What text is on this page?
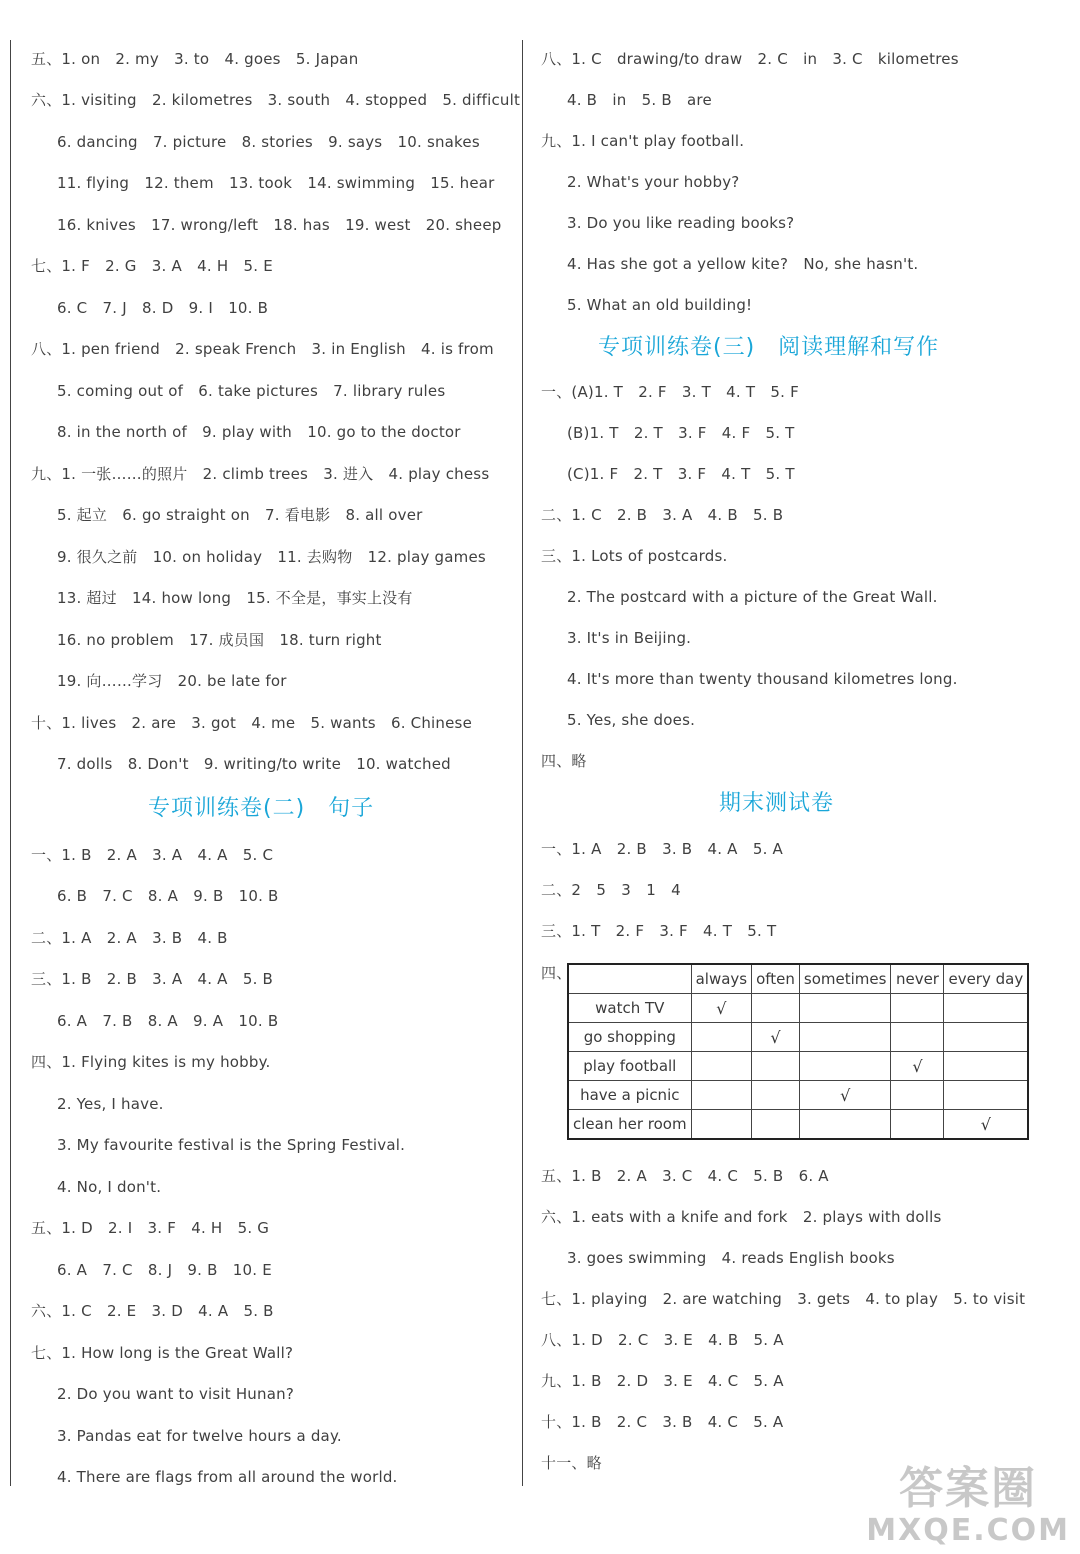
五、1. on　2. my　3. to　4. goes　5. Japan
六、1. visiting　2. kilometres　3. south　4. stopped　5. difficult
6. dancing　7. picture　8. stories　9. says　10. snakes
11. flying　12. them　13. took　14. swimming　15. hear
16. knives　17. wrong/left　18. has　19. west　20. sheep
七、1. F　2. G　3. A　4. H　5. E
6. C　7. J　8. D　9. I　10. B
八、1. pen friend　2. speak French　3. in English　4. is from
5. coming out of　6. take pictures　7. library rules
8. in the north of　9. play with　10. go to the doctor
九、1. 一张……的照片　2. climb trees　3. 进入　4. play chess
5. 起立　6. go straight on　7. 看电影　8. all over
9. 很久之前　10. on holiday　11. 去购物　12. play games
13. 超过　14. how long　15. 不全是，事实上没有
16. no problem　17. 成员国　18. turn right
19. 向……学习　20. be late for
十、1. lives　2. are　3. got　4. me　5. wants　6. Chinese
7. dolls　8. Don't　9. writing/to write　10. watched
专项训练卷(二)　句子
一、1. B　2. A　3. A　4. A　5. C
6. B　7. C　8. A　9. B　10. B
二、1. A　2. A　3. B　4. B
三、1. B　2. B　3. A　4. A　5. B
6. A　7. B　8. A　9. A　10. B
四、1. Flying kites is my hobby.
2. Yes, I have.
3. My favourite festival is the Spring Festival.
4. No, I don't.
五、1. D　2. I　3. F　4. H　5. G
6. A　7. C　8. J　9. B　10. E
六、1. C　2. E　3. D　4. A　5. B
七、1. How long is the Great Wall?
2. Do you want to visit Hunan?
3. Pandas eat for twelve hours a day.
4. There are flags from all around the world.
八、1. C　drawing/to draw　2. C　in　3. C　kilometres
4. B　in　5. B　are
九、1. I can't play football.
2. What's your hobby?
3. Do you like reading books?
4. Has she got a yellow kite?　No, she hasn't.
5. What an old building!
专项训练卷(三)　阅读理解和写作
一、(A)1. T　2. F　3. T　4. T　5. F
(B)1. T　2. T　3. F　4. F　5. T
(C)1. F　2. T　3. F　4. T　5. T
二、1. C　2. B　3. A　4. B　5. B
三、1. Lots of postcards.
2. The postcard with a picture of the Great Wall.
3. It's in Beijing.
4. It's more than twenty thousand kilometres long.
5. Yes, she does.
四、略
期末测试卷
一、1. A　2. B　3. B　4. A　5. A
二、2　5　3　1　4
三、1. T　2. F　3. F　4. T　5. T
四、
五、1. B　2. A　3. C　4. C　5. B　6. A
六、1. eats with a knife and fork　2. plays with dolls
3. goes swimming　4. reads English books
七、1. playing　2. are watching　3. gets　4. to play　5. to visit
八、1. D　2. C　3. E　4. B　5. A
九、1. B　2. D　3. E　4. C　5. A
十、1. B　2. C　3. B　4. C　5. A
十一、略
	always	often	sometimes	never	every day
watch TV	√				
go shopping		√			
play football				√	
have a picnic			√		
clean her room					√
答案圈
MXQE.COM
